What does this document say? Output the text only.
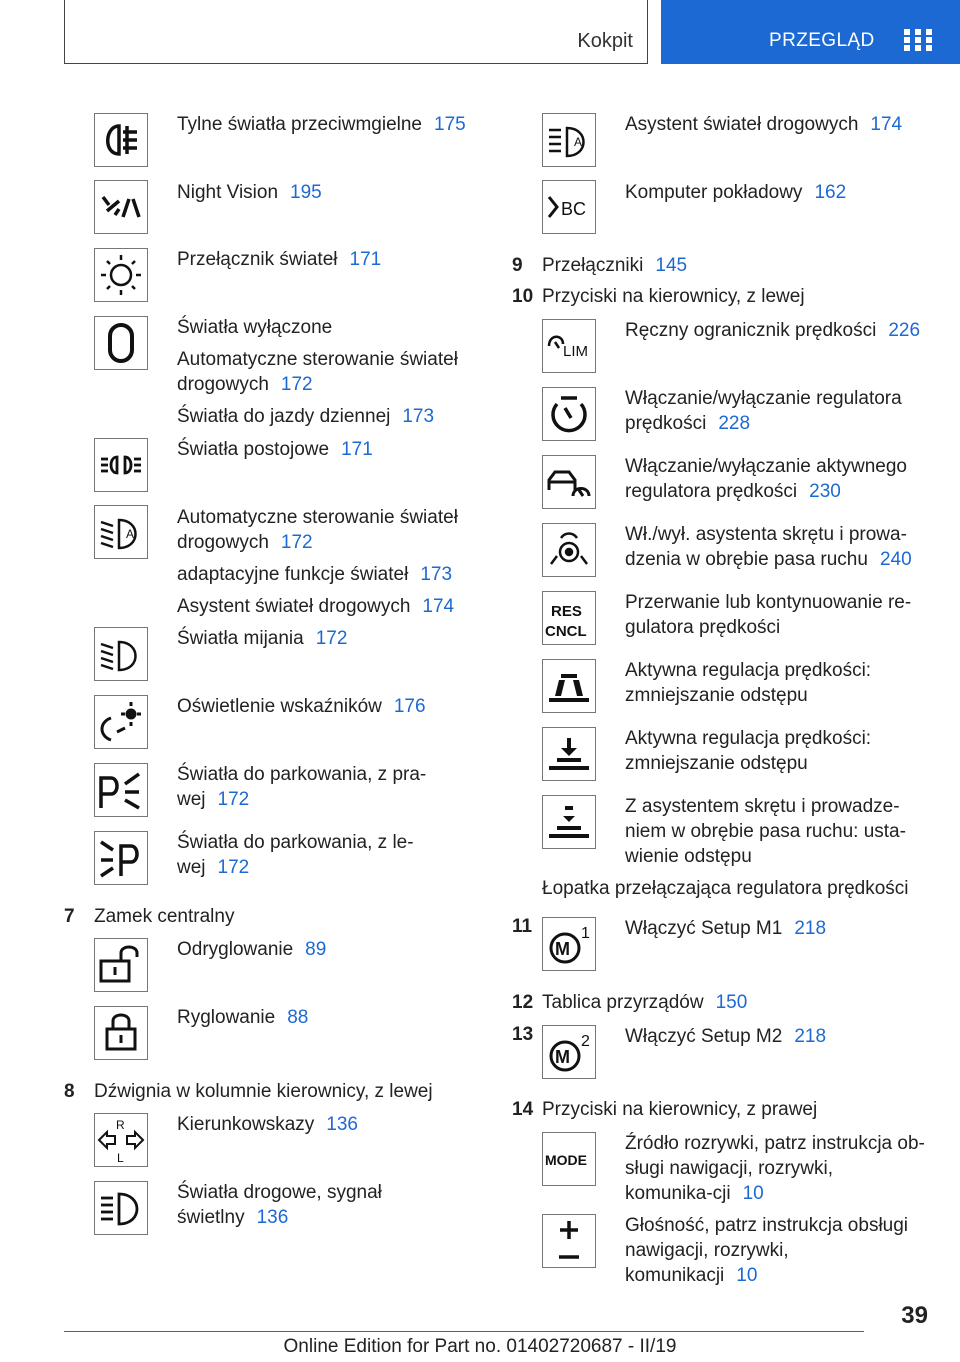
Kokpit	PRZEGLĄD
Tylne światła przeciwmgielne 175
Night Vision 195
Przełącznik świateł 171
Światła wyłączone
Automatyczne sterowanie świateł drogowych 172
Światła do jazdy dziennej 173
Światła postojowe 171
A
Automatyczne sterowanie świateł drogowych 172
adaptacyjne funkcje świateł 173
Asystent świateł drogowych 174
Światła mijania 172
Oświetlenie wskaźników 176
Światła do parkowania, z pra-wej 172
Światła do parkowania, z le-wej 172
7 Zamek centralny
Odryglowanie 89
Ryglowanie 88
8 Dźwignia w kolumnie kierownicy, z lewej
R
L
Kierunkowskazy 136
Światła drogowe, sygnał świetlny 136
A
Asystent świateł drogowych 174
BC
Komputer pokładowy 162
9 Przełączniki 145
10 Przyciski na kierownicy, z lewej
LIM
Ręczny ogranicznik prędkości 226
Włączanie/wyłączanie regulatora prędkości 228
Włączanie/wyłączanie aktywnego regulatora prędkości 230
Wł./wył. asystenta skrętu i prowa-dzenia w obrębie pasa ruchu 240
RES
CNCL
Przerwanie lub kontynuowanie re-gulatora prędkości
Aktywna regulacja prędkości: zmniejszanie odstępu
Aktywna regulacja prędkości: zmniejszanie odstępu
Z asystentem skrętu i prowadze-niem w obrębie pasa ruchu: usta-wienie odstępu
Łopatka przełączająca regulatora prędkości
11
M
1 Włączyć Setup M1 218
12 Tablica przyrządów 150
13
M
2 Włączyć Setup M2 218
14 Przyciski na kierownicy, z prawej
MODE
Źródło rozrywki, patrz instrukcja ob-sługi nawigacji, rozrywki, komunika-cji 10
Głośność, patrz instrukcja obsługi nawigacji, rozrywki, komunikacji 10
39
Online Edition for Part no. 01402720687 - II/19
